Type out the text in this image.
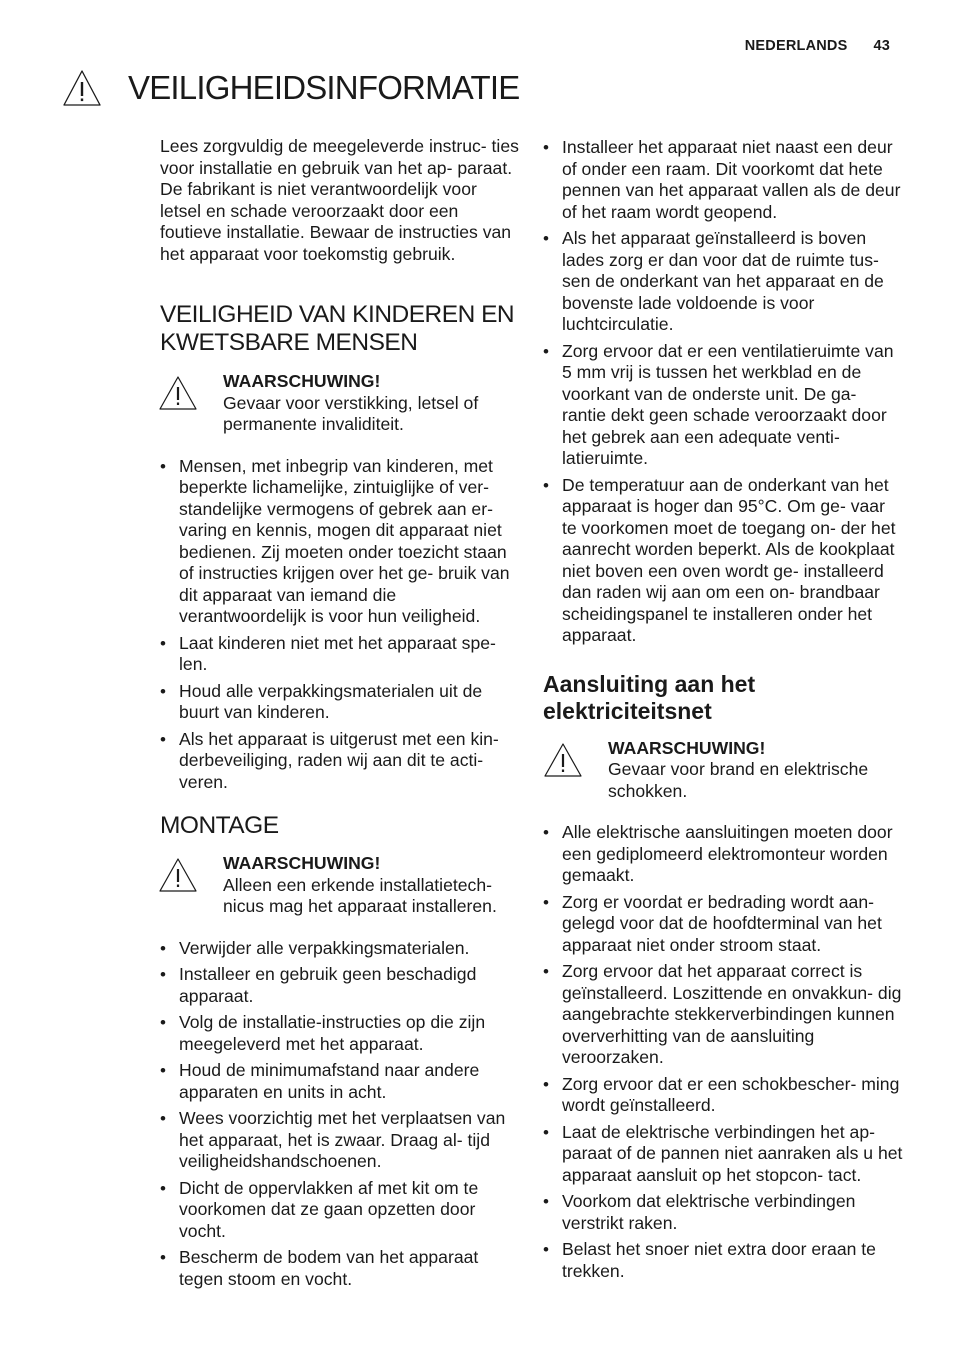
NEDERLANDS 43
VEILIGHEIDSINFORMATIE

Lees zorgvuldig de meegeleverde instruc- ties voor installatie en gebruik van het ap- paraat. De fabrikant is niet verantwoordelijk voor letsel en schade veroorzaakt door een foutieve installatie. Bewaar de instructies van het apparaat voor toekomstig gebruik.

VEILIGHEID VAN KINDEREN EN KWETSBARE MENSEN
WAARSCHUWING!
Gevaar voor verstikking, letsel of permanente invaliditeit.
• Mensen, met inbegrip van kinderen, met beperkte lichamelijke, zintuiglijke of ver- standelijke vermogens of gebrek aan er- varing en kennis, mogen dit apparaat niet bedienen. Zij moeten onder toezicht staan of instructies krijgen over het ge- bruik van dit apparaat van iemand die verantwoordelijk is voor hun veiligheid.
• Laat kinderen niet met het apparaat spe- len.
• Houd alle verpakkingsmaterialen uit de buurt van kinderen.
• Als het apparaat is uitgerust met een kin- derbeveiliging, raden wij aan dit te acti- veren.
MONTAGE
WAARSCHUWING!
Alleen een erkende installatietech- nicus mag het apparaat installeren.
• Verwijder alle verpakkingsmaterialen.
• Installeer en gebruik geen beschadigd apparaat.
• Volg de installatie-instructies op die zijn meegeleverd met het apparaat.
• Houd de minimumafstand naar andere apparaten en units in acht.
• Wees voorzichtig met het verplaatsen van het apparaat, het is zwaar. Draag al- tijd veiligheidshandschoenen.
• Dicht de oppervlakken af met kit om te voorkomen dat ze gaan opzetten door vocht.
• Bescherm de bodem van het apparaat tegen stoom en vocht.
• Installeer het apparaat niet naast een deur of onder een raam. Dit voorkomt dat hete pennen van het apparaat vallen als de deur of het raam wordt geopend.
• Als het apparaat geïnstalleerd is boven lades zorg er dan voor dat de ruimte tus- sen de onderkant van het apparaat en de bovenste lade voldoende is voor luchtcirculatie.
• Zorg ervoor dat er een ventilatieruimte van 5 mm vrij is tussen het werkblad en de voorkant van de onderste unit. De ga- rantie dekt geen schade veroorzaakt door het gebrek aan een adequate venti- latieruimte.
• De temperatuur aan de onderkant van het apparaat is hoger dan 95°C. Om ge- vaar te voorkomen moet de toegang on- der het aanrecht worden beperkt. Als de kookplaat niet boven een oven wordt ge- installeerd dan raden wij aan om een on- brandbaar scheidingspanel te installeren onder het apparaat.
Aansluiting aan het elektriciteitsnet
WAARSCHUWING!
Gevaar voor brand en elektrische schokken.
• Alle elektrische aansluitingen moeten door een gediplomeerd elektromonteur worden gemaakt.
• Zorg er voordat er bedrading wordt aan- gelegd voor dat de hoofdterminal van het apparaat niet onder stroom staat.
• Zorg ervoor dat het apparaat correct is geïnstalleerd. Loszittende en onvakkun- dig aangebrachte stekkerverbindingen kunnen oververhitting van de aansluiting veroorzaken.
• Zorg ervoor dat er een schokbescher- ming wordt geïnstalleerd.
• Laat de elektrische verbindingen het ap- paraat of de pannen niet aanraken als u het apparaat aansluit op het stopcon- tact.
• Voorkom dat elektrische verbindingen verstrikt raken.
• Belast het snoer niet extra door eraan te trekken.
